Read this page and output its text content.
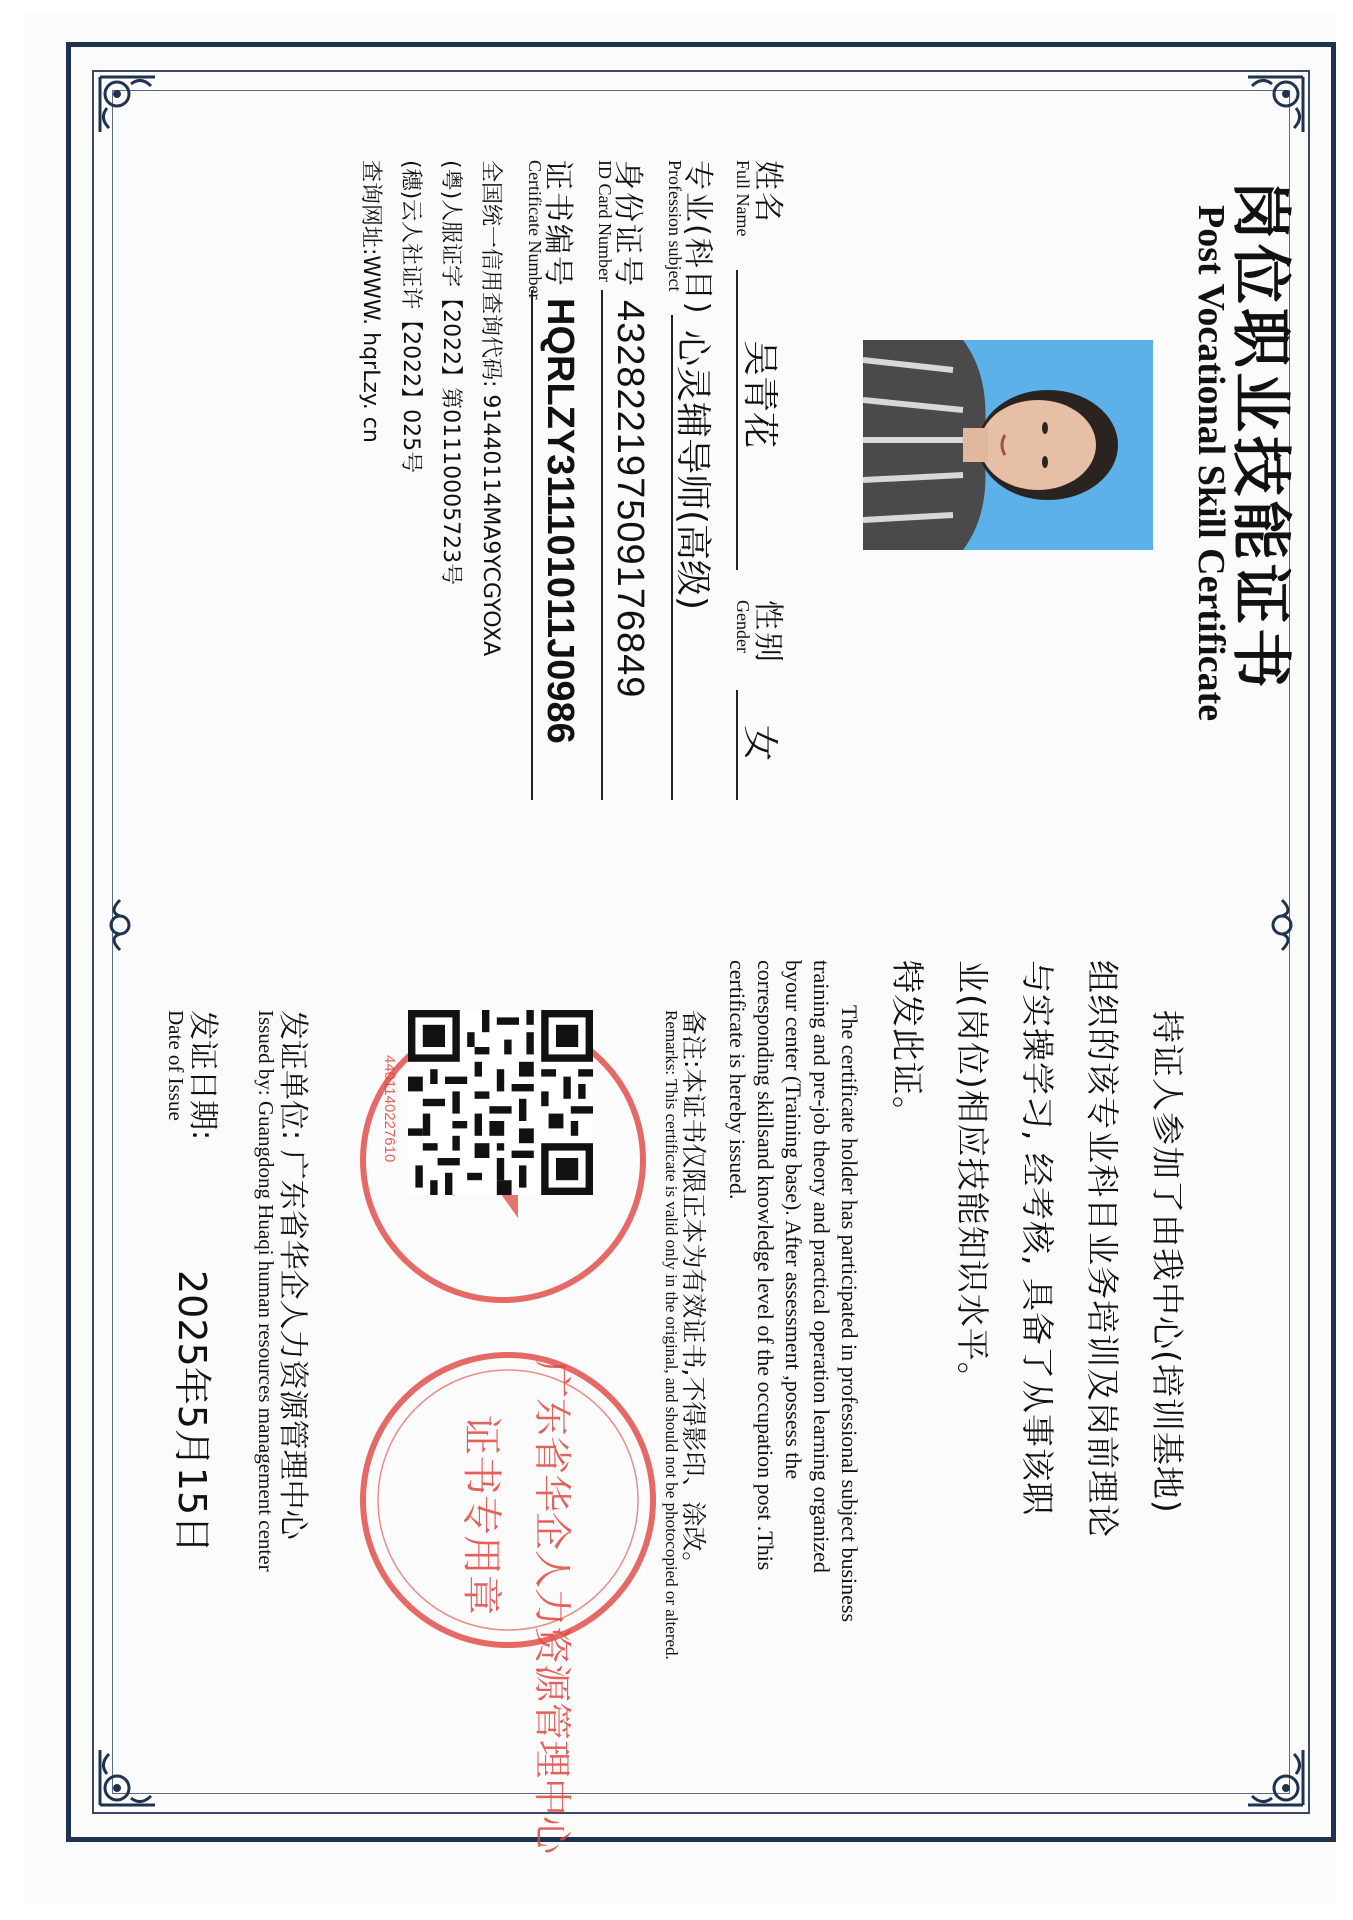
岗位职业技能证书
Post Vocational Skill Certificate
姓名
Full Name
吴青花
性别
Gender
女
专业(科目)
Profession subject
心灵辅导师(高级)
身份证号
ID Card Number
432822197509176849
证书编号
Certificate Number
HQRLZY311101011J0986
全国统一信用查询代码: 91440114MA9YCGYOXA
(粤)人服证字【2022】第01110005723号
(穗)云人社证许【2022】025号
查询网址:WWW. hqrLzy. cn
持证人参加了由我中心(培训基地)
组织的该专业科目业务培训及岗前理论
与实操学习, 经考核, 具备了从事该职
业(岗位)相应技能知识水平。
特发此证。
The certificate holder has participated in professional subject business
training and pre-job theory and practical operation learning organized
byour center (Training base). After assessment ,possess the
corresponding skillsand knowledge level of the occupation post .This
certificate is hereby issued.
广东省华企人力资源管理中心
证书专用章
4401140227610	备注:本证书仅限正本为有效证书,不得影印、涂改。
Remarks: This certificate is valid only in the original, and should not be photocopied or altered.
发证单位: 广东省华企人力资源管理中心
Issued by: Guangdong Huaqi human resources management center
发证日期:
Date of Issue
2025年5月15日
